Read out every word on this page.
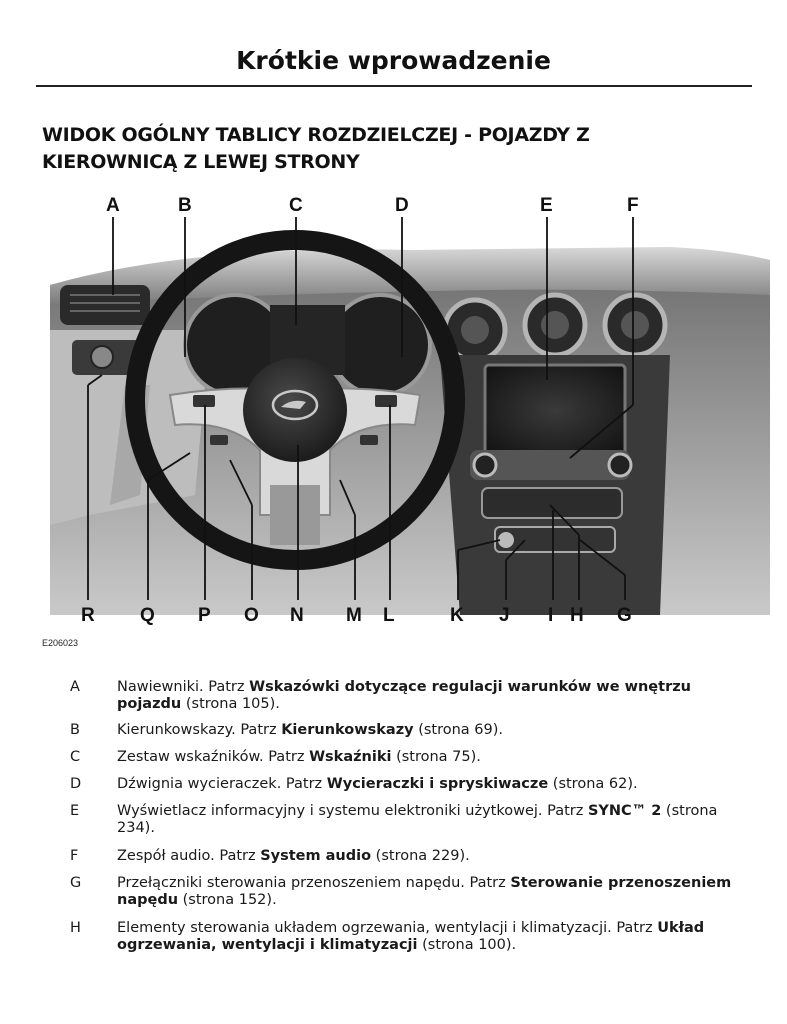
Krótkie wprowadzenie
WIDOK OGÓLNY TABLICY ROZDZIELCZEJ - POJAZDY Z
KIEROWNICĄ Z LEWEJ STRONY
A	B	C	D	E	F
R Q P O N M L	K J I H G
E206023
A	Nawiewniki. Patrz Wskazówki dotyczące regulacji warunków we wnętrzu pojazdu (strona 105).
B	Kierunkowskazy. Patrz Kierunkowskazy (strona 69).
C	Zestaw wskaźników. Patrz Wskaźniki (strona 75).
D	Dźwignia wycieraczek. Patrz Wycieraczki i spryskiwacze (strona 62).
E	Wyświetlacz informacyjny i systemu elektroniki użytkowej. Patrz SYNC™ 2 (strona 234).
F	Zespół audio. Patrz System audio (strona 229).
G	Przełączniki sterowania przenoszeniem napędu. Patrz Sterowanie przenoszeniem napędu (strona 152).
H	Elementy sterowania układem ogrzewania, wentylacji i klimatyzacji. Patrz Układ ogrzewania, wentylacji i klimatyzacji (strona 100).
